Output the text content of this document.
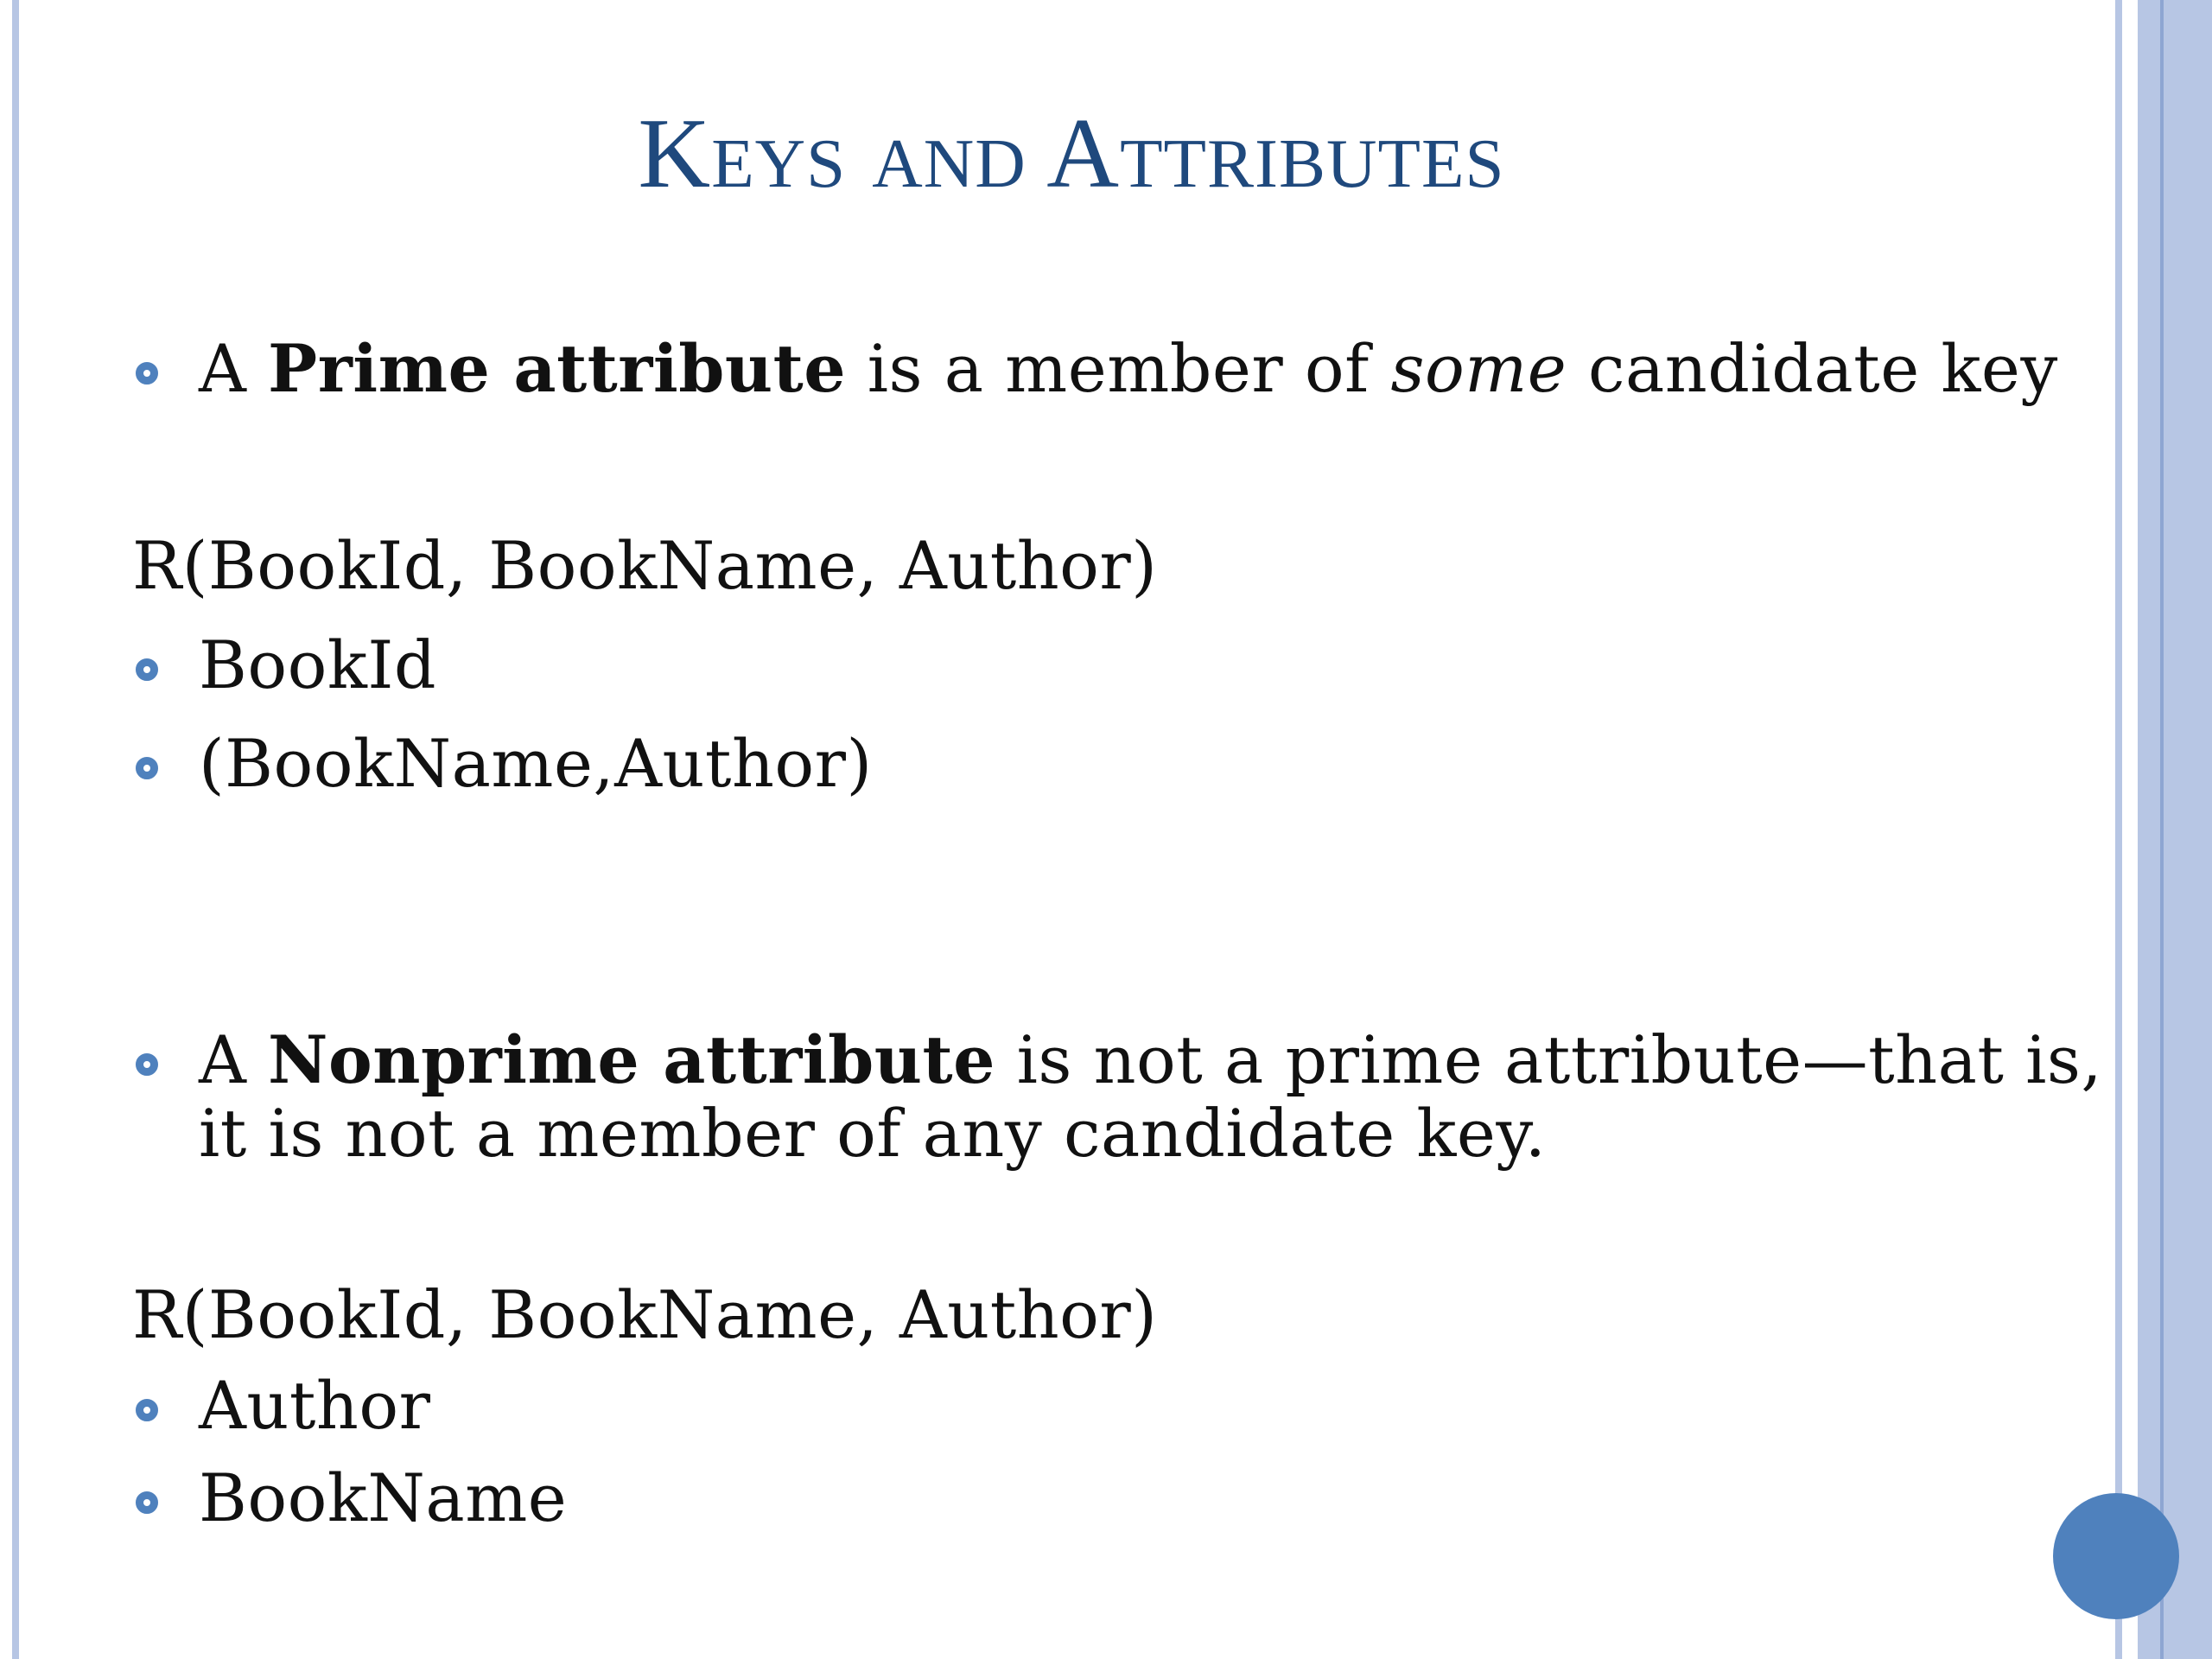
Keys and Attributes
A Prime attribute is a member of some candidate key
R(BookId, BookName, Author)
BookId
(BookName,Author)
A Nonprime attribute is not a prime attribute—that is,
it is not a member of any candidate key.
R(BookId, BookName, Author)
Author
BookName
